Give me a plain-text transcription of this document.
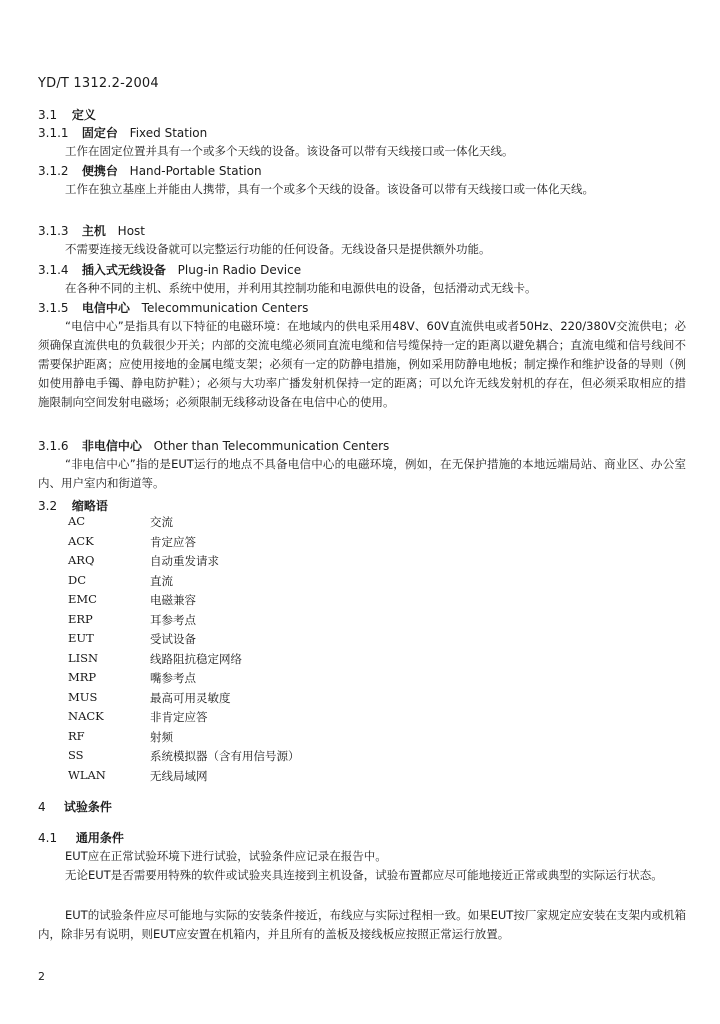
YD/T 1312.2-2004
3.1 定义
3.1.1 固定台 Fixed Station
工作在固定位置并具有一个或多个天线的设备。该设备可以带有天线接口或一体化天线。
3.1.2 便携台 Hand-Portable Station
工作在独立基座上并能由人携带，具有一个或多个天线的设备。该设备可以带有天线接口或一体化天线。
3.1.3 主机 Host
不需要连接无线设备就可以完整运行功能的任何设备。无线设备只是提供额外功能。
3.1.4 插入式无线设备 Plug-in Radio Device
在各种不同的主机、系统中使用，并利用其控制功能和电源供电的设备，包括滑动式无线卡。
3.1.5 电信中心 Telecommunication Centers
“电信中心”是指具有以下特征的电磁环境：在地域内的供电采用48V、60V直流供电或者50Hz、220/380V交流供电；必须确保直流供电的负载很少开关；内部的交流电缆必须同直流电缆和信号缆保持一定的距离以避免耦合；直流电缆和信号线间不需要保护距离；应使用接地的金属电缆支架；必须有一定的防静电措施，例如采用防静电地板；制定操作和维护设备的导则（例如使用静电手镯、静电防护鞋）；必须与大功率广播发射机保持一定的距离；可以允许无线发射机的存在，但必须采取相应的措施限制向空间发射电磁场；必须限制无线移动设备在电信中心的使用。
3.1.6 非电信中心 Other than Telecommunication Centers
“非电信中心”指的是EUT运行的地点不具备电信中心的电磁环境，例如，在无保护措施的本地远端局站、商业区、办公室内、用户室内和街道等。
3.2 缩略语
AC	交流
ACK	肯定应答
ARQ	自动重发请求
DC	直流
EMC	电磁兼容
ERP	耳参考点
EUT	受试设备
LISN	线路阻抗稳定网络
MRP	嘴参考点
MUS	最高可用灵敏度
NACK	非肯定应答
RF	射频
SS	系统模拟器（含有用信号源）
WLAN	无线局域网
4 试验条件
4.1 通用条件
EUT应在正常试验环境下进行试验，试验条件应记录在报告中。
无论EUT是否需要用特殊的软件或试验夹具连接到主机设备，试验布置都应尽可能地接近正常或典型的实际运行状态。
EUT的试验条件应尽可能地与实际的安装条件接近，布线应与实际过程相一致。如果EUT按厂家规定应安装在支架内或机箱内，除非另有说明，则EUT应安置在机箱内，并且所有的盖板及接线板应按照正常运行放置。
2
